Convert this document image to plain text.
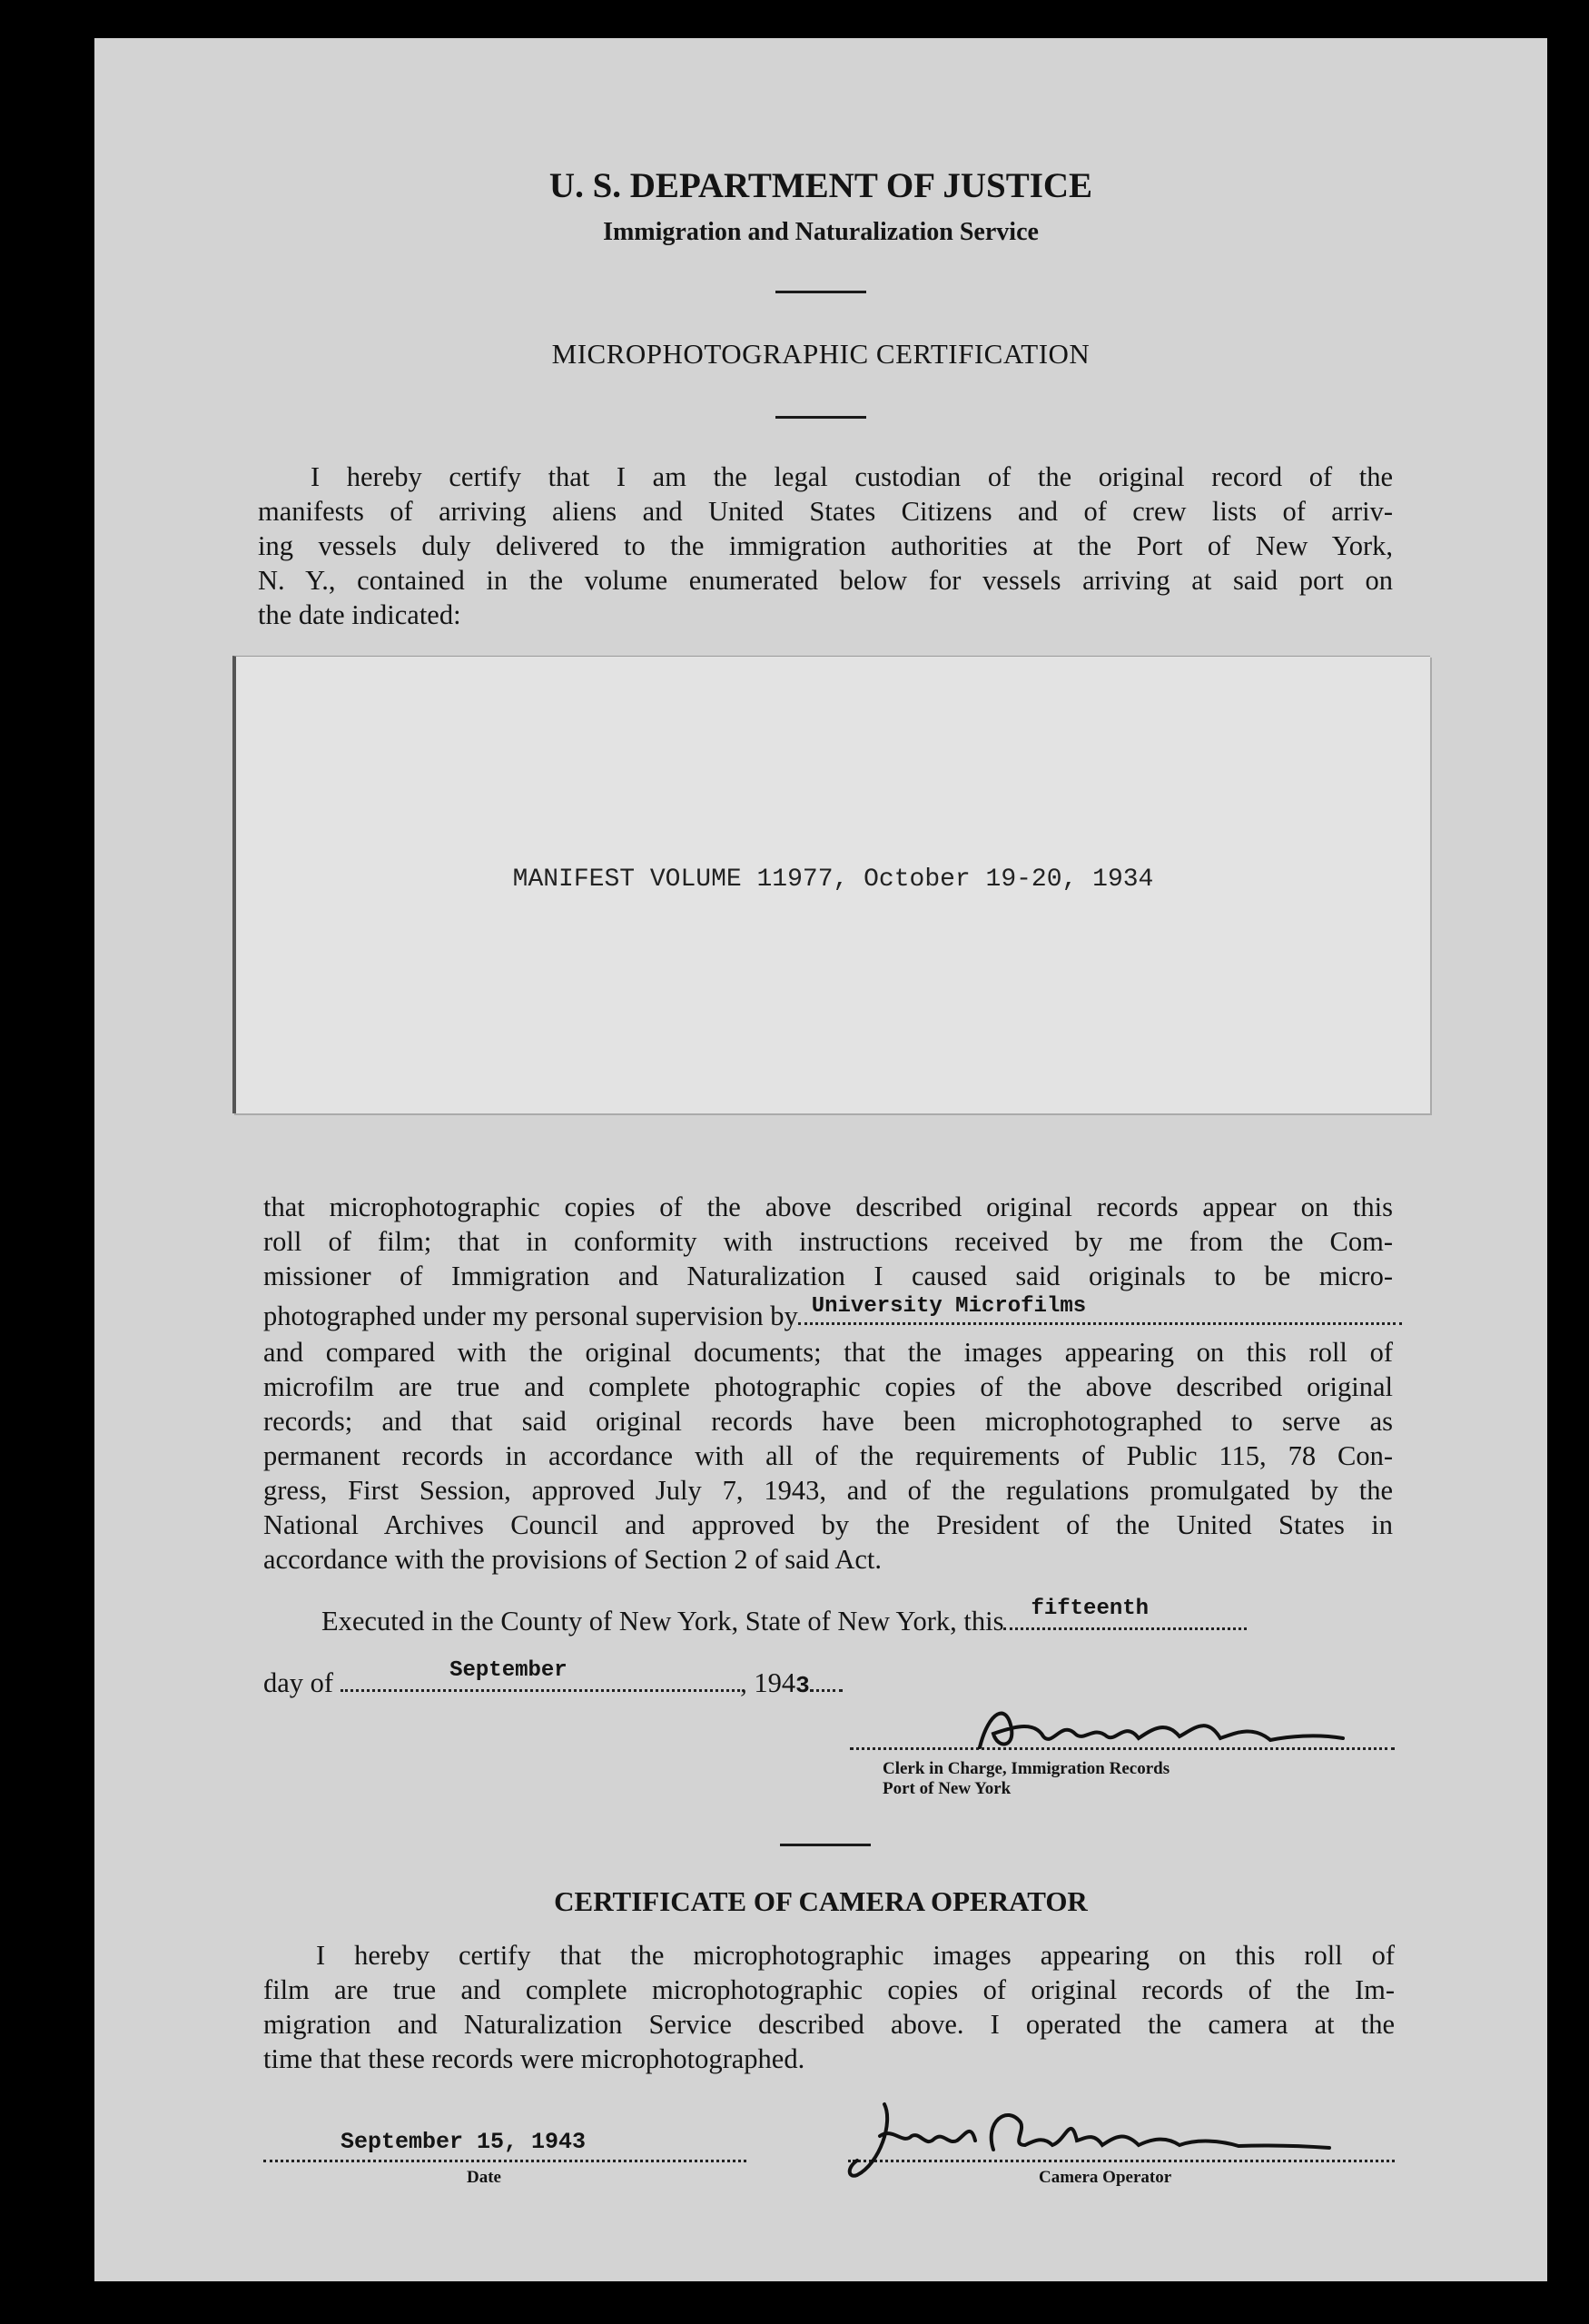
U. S. DEPARTMENT OF JUSTICE
Immigration and Naturalization Service
MICROPHOTOGRAPHIC CERTIFICATION
I hereby certify that I am the legal custodian of the original record of the
manifests of arriving aliens and United States Citizens and of crew lists of arriv-
ing vessels duly delivered to the immigration authorities at the Port of New York,
N. Y., contained in the volume enumerated below for vessels arriving at said port on
the date indicated:
MANIFEST VOLUME 11977, October 19-20, 1934
that microphotographic copies of the above described original records appear on this
roll of film; that in conformity with instructions received by me from the Com-
missioner of Immigration and Naturalization I caused said originals to be micro-
photographed under my personal supervision by University Microfilms
and compared with the original documents; that the images appearing on this roll of
microfilm are true and complete photographic copies of the above described original
records; and that said original records have been microphotographed to serve as
permanent records in accordance with all of the requirements of Public 115, 78 Con-
gress, First Session, approved July 7, 1943, and of the regulations promulgated by the
National Archives Council and approved by the President of the United States in
accordance with the provisions of Section 2 of said Act.
Executed in the County of New York, State of New York, this fifteenth
day of	September	, 1943
Clerk in Charge, Immigration Records
Port of New York
CERTIFICATE OF CAMERA OPERATOR
I hereby certify that the microphotographic images appearing on this roll of
film are true and complete microphotographic copies of original records of the Im-
migration and Naturalization Service described above. I operated the camera at the
time that these records were microphotographed.
September 15, 1943
Date	Camera Operator
